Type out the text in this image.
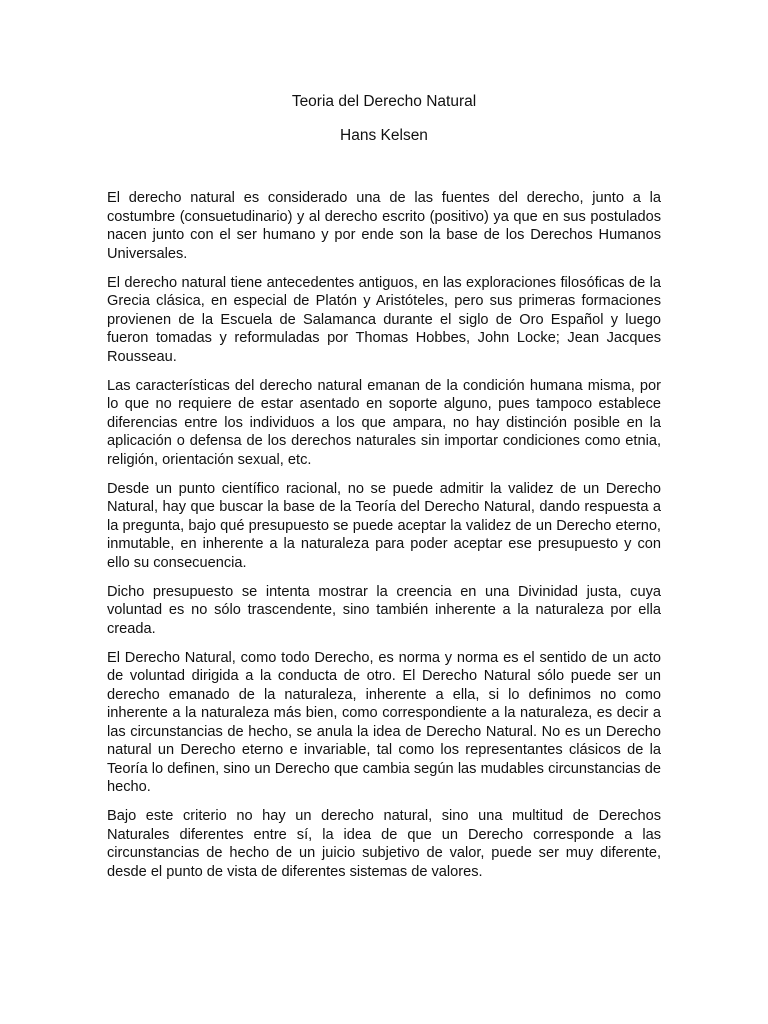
Teoria del Derecho Natural
Hans Kelsen

El derecho natural es considerado una de las fuentes del derecho, junto a la costumbre (consuetudinario) y al derecho escrito (positivo) ya que en sus postulados nacen junto con el ser humano y por ende son la base de los Derechos Humanos Universales.

El derecho natural tiene antecedentes antiguos, en las exploraciones filosóficas de la Grecia clásica, en especial de Platón y Aristóteles, pero sus primeras formaciones provienen de la Escuela de Salamanca durante el siglo de Oro Español y luego fueron tomadas y reformuladas por Thomas Hobbes, John Locke; Jean Jacques Rousseau.

Las características del derecho natural emanan de la condición humana misma, por lo que no requiere de estar asentado en soporte alguno, pues tampoco establece diferencias entre los individuos a los que ampara, no hay distinción posible en la aplicación o defensa de los derechos naturales sin importar condiciones como etnia, religión, orientación sexual, etc.

Desde un punto científico racional, no se puede admitir la validez de un Derecho Natural, hay que buscar la base de la Teoría del Derecho Natural, dando respuesta a la pregunta, bajo qué presupuesto se puede aceptar la validez de un Derecho eterno, inmutable, en inherente a la naturaleza para poder aceptar ese presupuesto y con ello su consecuencia.

Dicho presupuesto se intenta mostrar la creencia en una Divinidad justa, cuya voluntad es no sólo trascendente, sino también inherente a la naturaleza por ella creada.

El Derecho Natural, como todo Derecho, es norma y norma es el sentido de un acto de voluntad dirigida a la conducta de otro. El Derecho Natural sólo puede ser un derecho emanado de la naturaleza, inherente a ella, si lo definimos no como inherente a la naturaleza más bien, como correspondiente a la naturaleza, es decir a las circunstancias de hecho, se anula la idea de Derecho Natural. No es un Derecho natural un Derecho eterno e invariable, tal como los representantes clásicos de la Teoría lo definen, sino un Derecho que cambia según las mudables circunstancias de hecho.

Bajo este criterio no hay un derecho natural, sino una multitud de Derechos Naturales diferentes entre sí, la idea de que un Derecho corresponde a las circunstancias de hecho de un juicio subjetivo de valor, puede ser muy diferente, desde el punto de vista de diferentes sistemas de valores.
